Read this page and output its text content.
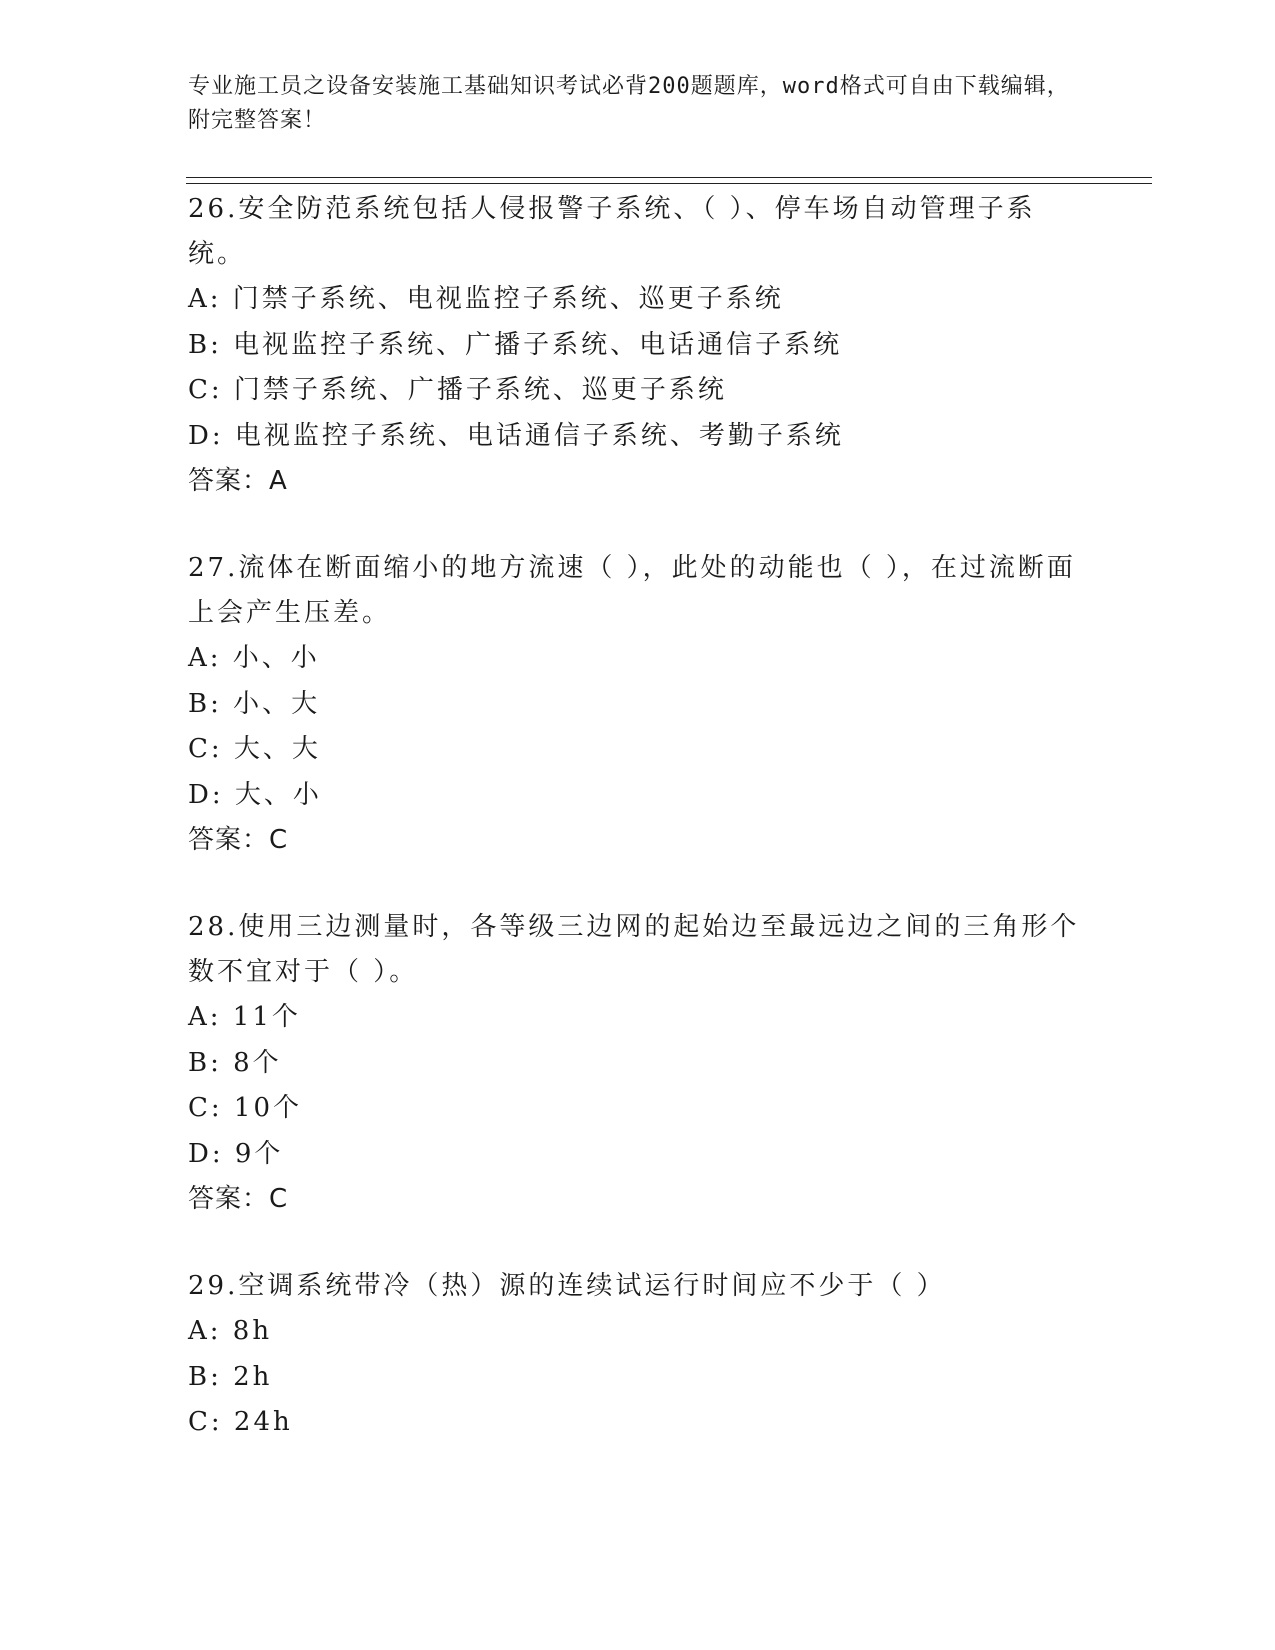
专业施工员之设备安装施工基础知识考试必背200题题库，word格式可自由下载编辑，附完整答案！

26.安全防范系统包括人侵报警子系统、（ ）、停车场自动管理子系统。

A: 门禁子系统、电视监控子系统、巡更子系统

B: 电视监控子系统、广播子系统、电话通信子系统

C: 门禁子系统、广播子系统、巡更子系统

D: 电视监控子系统、电话通信子系统、考勤子系统

答案：A

27.流体在断面缩小的地方流速（ ），此处的动能也（ ），在过流断面上会产生压差。

A: 小、小

B: 小、大

C: 大、大

D: 大、小

答案：C

28.使用三边测量时，各等级三边网的起始边至最远边之间的三角形个数不宜对于（ ）。

A: 11个

B: 8个

C: 10个

D: 9个

答案：C

29.空调系统带冷（热）源的连续试运行时间应不少于（ ）

A: 8h

B: 2h

C: 24h
